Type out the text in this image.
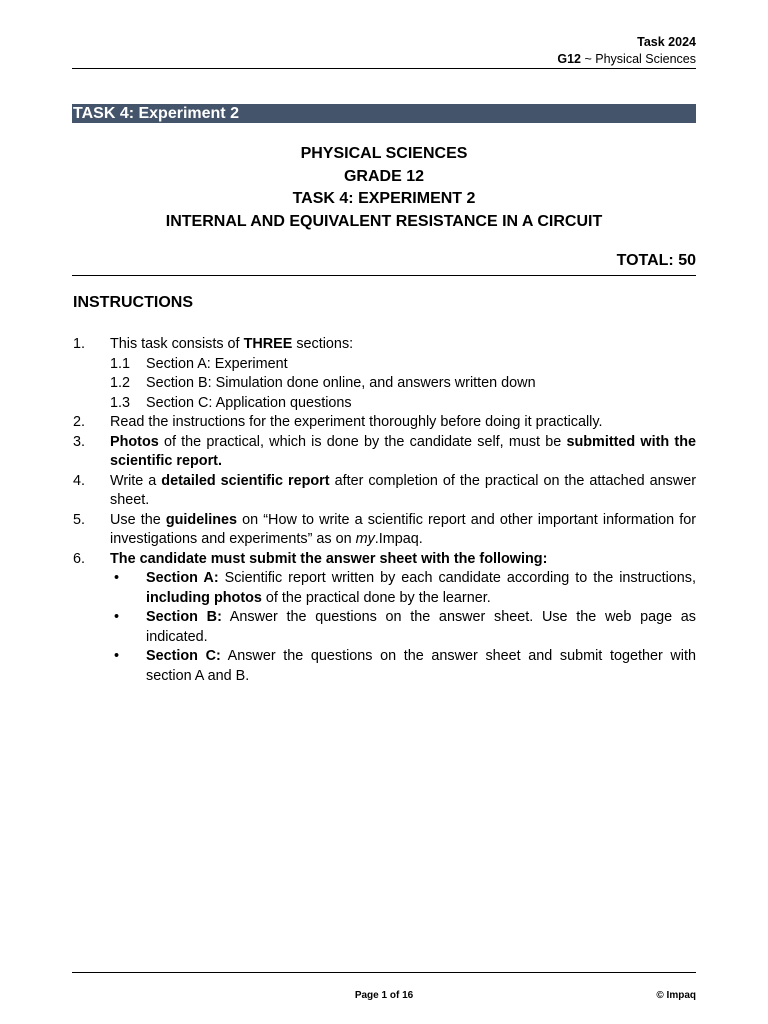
Task 2024
G12 ~ Physical Sciences
TASK 4: Experiment 2
PHYSICAL SCIENCES
GRADE 12
TASK 4: EXPERIMENT 2
INTERNAL AND EQUIVALENT RESISTANCE IN A CIRCUIT
TOTAL: 50
INSTRUCTIONS
1. This task consists of THREE sections:
1.1 Section A: Experiment
1.2 Section B: Simulation done online, and answers written down
1.3 Section C: Application questions
2. Read the instructions for the experiment thoroughly before doing it practically.
3. Photos of the practical, which is done by the candidate self, must be submitted with the scientific report.
4. Write a detailed scientific report after completion of the practical on the attached answer sheet.
5. Use the guidelines on “How to write a scientific report and other important information for investigations and experiments” as on my.Impaq.
6. The candidate must submit the answer sheet with the following:
• Section A: Scientific report written by each candidate according to the instructions, including photos of the practical done by the learner.
• Section B: Answer the questions on the answer sheet. Use the web page as indicated.
• Section C: Answer the questions on the answer sheet and submit together with section A and B.
Page 1 of 16	© Impaq
